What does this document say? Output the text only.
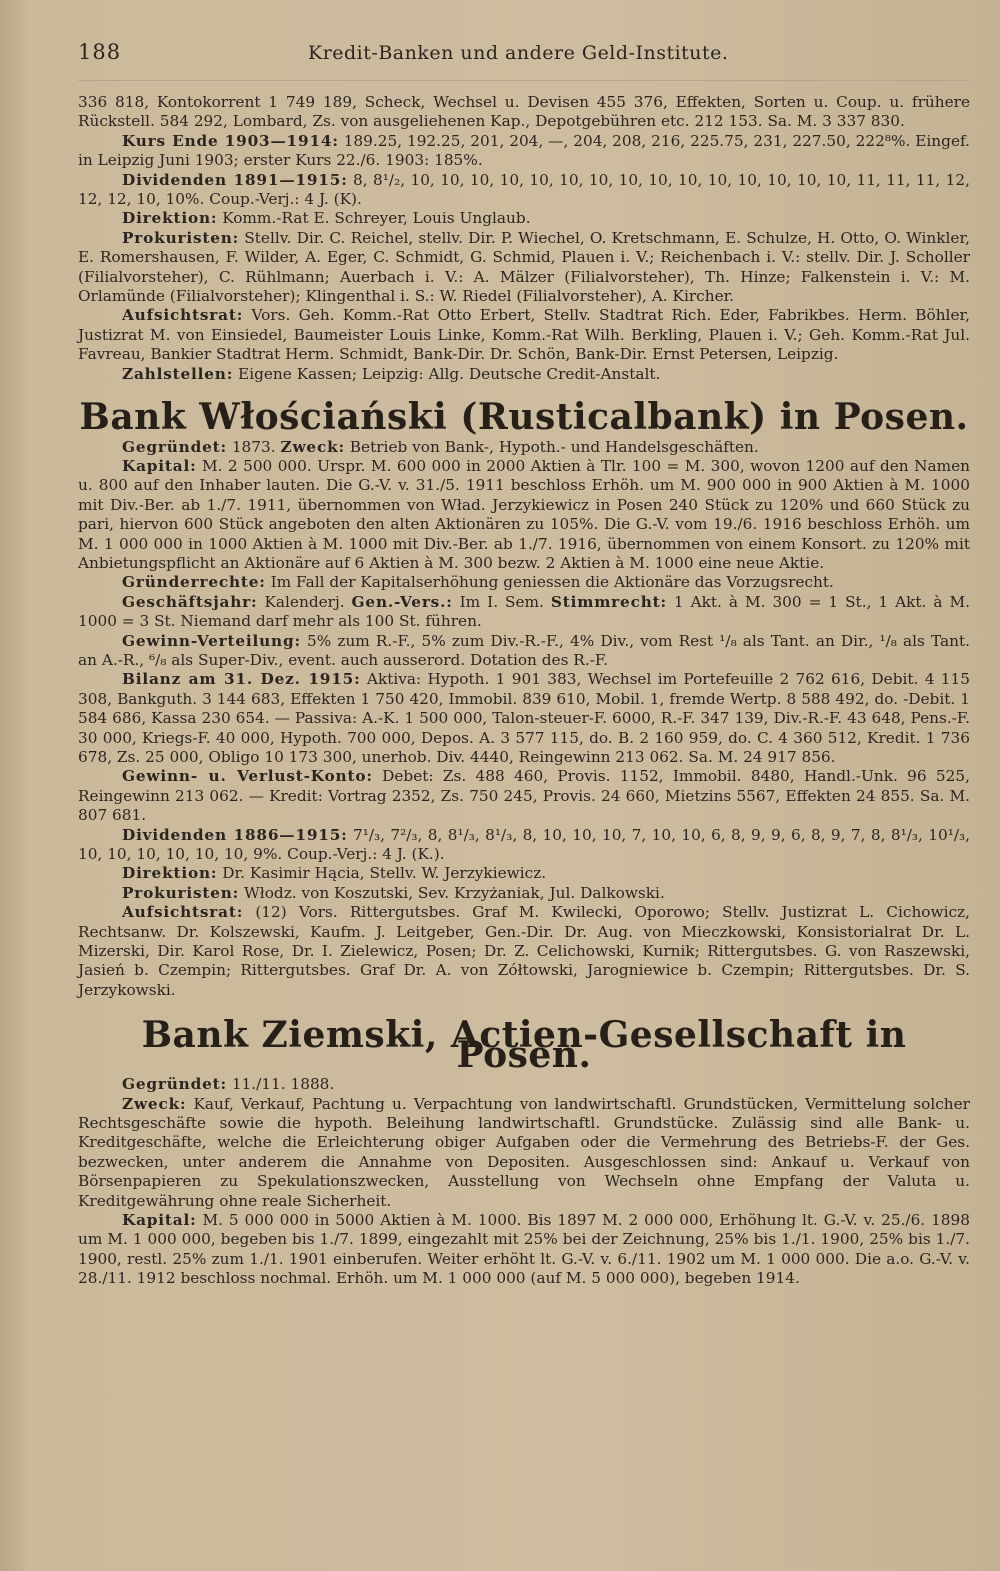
188	Kredit-Banken und andere Geld-Institute.

336 818, Kontokorrent 1 749 189, Scheck, Wechsel u. Devisen 455 376, Effekten, Sorten u. Coup. u. frühere Rückstell. 584 292, Lombard, Zs. von ausgeliehenen Kap., Depotgebühren etc. 212 153. Sa. M. 3 337 830.

Kurs Ende 1903—1914: 189.25, 192.25, 201, 204, —, 204, 208, 216, 225.75, 231, 227.50, 222⁸%. Eingef. in Leipzig Juni 1903; erster Kurs 22./6. 1903: 185%.

Dividenden 1891—1915: 8, 8¹/₂, 10, 10, 10, 10, 10, 10, 10, 10, 10, 10, 10, 10, 10, 10, 10, 11, 11, 11, 12, 12, 12, 10, 10%. Coup.-Verj.: 4 J. (K).

Direktion: Komm.-Rat E. Schreyer, Louis Unglaub.

Prokuristen: Stellv. Dir. C. Reichel, stellv. Dir. P. Wiechel, O. Kretschmann, E. Schulze, H. Otto, O. Winkler, E. Romershausen, F. Wilder, A. Eger, C. Schmidt, G. Schmid, Plauen i. V.; Reichenbach i. V.: stellv. Dir. J. Scholler (Filialvorsteher), C. Rühlmann; Auerbach i. V.: A. Mälzer (Filialvorsteher), Th. Hinze; Falkenstein i. V.: M. Orlamünde (Filialvorsteher); Klingenthal i. S.: W. Riedel (Filialvorsteher), A. Kircher.

Aufsichtsrat: Vors. Geh. Komm.-Rat Otto Erbert, Stellv. Stadtrat Rich. Eder, Fabrikbes. Herm. Böhler, Justizrat M. von Einsiedel, Baumeister Louis Linke, Komm.-Rat Wilh. Berkling, Plauen i. V.; Geh. Komm.-Rat Jul. Favreau, Bankier Stadtrat Herm. Schmidt, Bank-Dir. Dr. Schön, Bank-Dir. Ernst Petersen, Leipzig.

Zahlstellen: Eigene Kassen; Leipzig: Allg. Deutsche Credit-Anstalt.

Bank Włościański (Rusticalbank) in Posen.

Gegründet: 1873. Zweck: Betrieb von Bank-, Hypoth.- und Handelsgeschäften.

Kapital: M. 2 500 000. Urspr. M. 600 000 in 2000 Aktien à Tlr. 100 = M. 300, wovon 1200 auf den Namen u. 800 auf den Inhaber lauten. Die G.-V. v. 31./5. 1911 beschloss Erhöh. um M. 900 000 in 900 Aktien à M. 1000 mit Div.-Ber. ab 1./7. 1911, übernommen von Wład. Jerzykiewicz in Posen 240 Stück zu 120% und 660 Stück zu pari, hiervon 600 Stück angeboten den alten Aktionären zu 105%. Die G.-V. vom 19./6. 1916 beschloss Erhöh. um M. 1 000 000 in 1000 Aktien à M. 1000 mit Div.-Ber. ab 1./7. 1916, übernommen von einem Konsort. zu 120% mit Anbietungspflicht an Aktionäre auf 6 Aktien à M. 300 bezw. 2 Aktien à M. 1000 eine neue Aktie.

Gründerrechte: Im Fall der Kapitalserhöhung geniessen die Aktionäre das Vorzugsrecht.

Geschäftsjahr: Kalenderj. Gen.-Vers.: Im I. Sem. Stimmrecht: 1 Akt. à M. 300 = 1 St., 1 Akt. à M. 1000 = 3 St. Niemand darf mehr als 100 St. führen.

Gewinn-Verteilung: 5% zum R.-F., 5% zum Div.-R.-F., 4% Div., vom Rest ¹/₈ als Tant. an Dir., ¹/₈ als Tant. an A.-R., ⁶/₈ als Super-Div., event. auch ausserord. Dotation des R.-F.

Bilanz am 31. Dez. 1915: Aktiva: Hypoth. 1 901 383, Wechsel im Portefeuille 2 762 616, Debit. 4 115 308, Bankguth. 3 144 683, Effekten 1 750 420, Immobil. 839 610, Mobil. 1, fremde Wertp. 8 588 492, do. -Debit. 1 584 686, Kassa 230 654. — Passiva: A.-K. 1 500 000, Talon-steuer-F. 6000, R.-F. 347 139, Div.-R.-F. 43 648, Pens.-F. 30 000, Kriegs-F. 40 000, Hypoth. 700 000, Depos. A. 3 577 115, do. B. 2 160 959, do. C. 4 360 512, Kredit. 1 736 678, Zs. 25 000, Obligo 10 173 300, unerhob. Div. 4440, Reingewinn 213 062. Sa. M. 24 917 856.

Gewinn- u. Verlust-Konto: Debet: Zs. 488 460, Provis. 1152, Immobil. 8480, Handl.-Unk. 96 525, Reingewinn 213 062. — Kredit: Vortrag 2352, Zs. 750 245, Provis. 24 660, Mietzins 5567, Effekten 24 855. Sa. M. 807 681.

Dividenden 1886—1915: 7¹/₃, 7²/₃, 8, 8¹/₃, 8¹/₃, 8, 10, 10, 10, 7, 10, 10, 6, 8, 9, 9, 6, 8, 9, 7, 8, 8¹/₃, 10¹/₃, 10, 10, 10, 10, 10, 10, 9%. Coup.-Verj.: 4 J. (K.).

Direktion: Dr. Kasimir Hącia, Stellv. W. Jerzykiewicz.

Prokuristen: Włodz. von Koszutski, Sev. Krzyżaniak, Jul. Dalkowski.

Aufsichtsrat: (12) Vors. Rittergutsbes. Graf M. Kwilecki, Oporowo; Stellv. Justizrat L. Cichowicz, Rechtsanw. Dr. Kolszewski, Kaufm. J. Leitgeber, Gen.-Dir. Dr. Aug. von Mieczkowski, Konsistorialrat Dr. L. Mizerski, Dir. Karol Rose, Dr. I. Zielewicz, Posen; Dr. Z. Celichowski, Kurnik; Rittergutsbes. G. von Raszewski, Jasień b. Czempin; Rittergutsbes. Graf Dr. A. von Zółtowski, Jarogniewice b. Czempin; Rittergutsbes. Dr. S. Jerzykowski.

Bank Ziemski, Actien-Gesellschaft in Posen.

Gegründet: 11./11. 1888.

Zweck: Kauf, Verkauf, Pachtung u. Verpachtung von landwirtschaftl. Grundstücken, Vermittelung solcher Rechtsgeschäfte sowie die hypoth. Beleihung landwirtschaftl. Grundstücke. Zulässig sind alle Bank- u. Kreditgeschäfte, welche die Erleichterung obiger Aufgaben oder die Vermehrung des Betriebs-F. der Ges. bezwecken, unter anderem die Annahme von Depositen. Ausgeschlossen sind: Ankauf u. Verkauf von Börsenpapieren zu Spekulationszwecken, Ausstellung von Wechseln ohne Empfang der Valuta u. Kreditgewährung ohne reale Sicherheit.

Kapital: M. 5 000 000 in 5000 Aktien à M. 1000. Bis 1897 M. 2 000 000, Erhöhung lt. G.-V. v. 25./6. 1898 um M. 1 000 000, begeben bis 1./7. 1899, eingezahlt mit 25% bei der Zeichnung, 25% bis 1./1. 1900, 25% bis 1./7. 1900, restl. 25% zum 1./1. 1901 einberufen. Weiter erhöht lt. G.-V. v. 6./11. 1902 um M. 1 000 000. Die a.o. G.-V. v. 28./11. 1912 beschloss nochmal. Erhöh. um M. 1 000 000 (auf M. 5 000 000), begeben 1914.
